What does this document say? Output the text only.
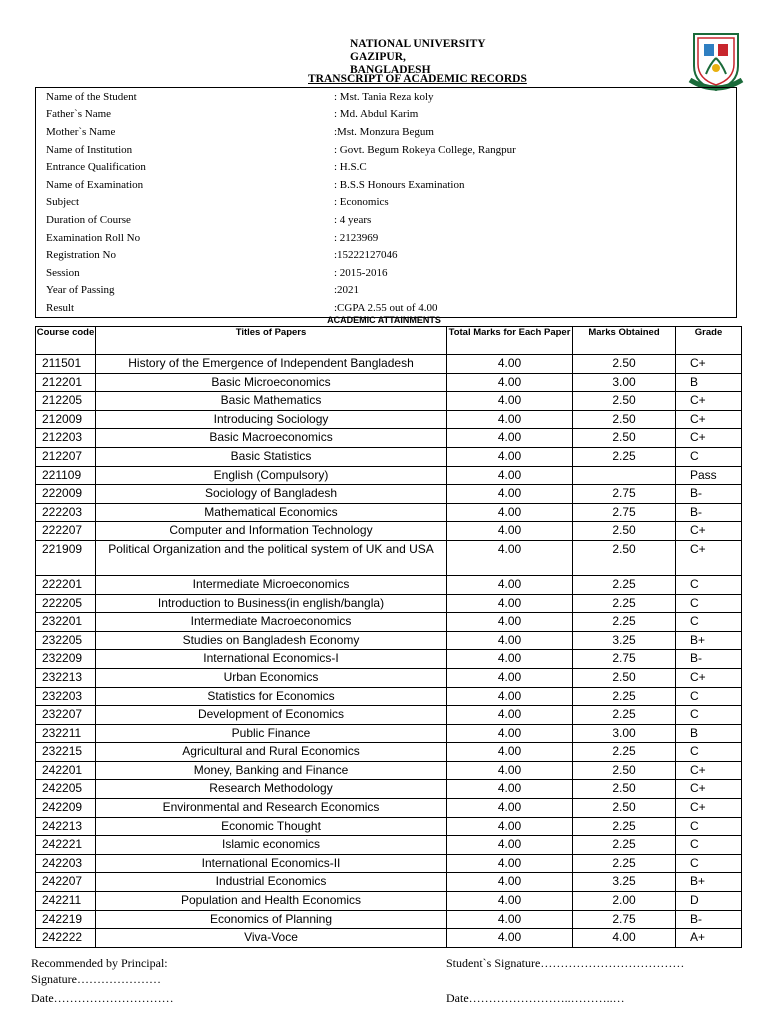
NATIONAL UNIVERSITY
GAZIPUR,
BANGLADESH
TRANSCRIPT OF ACADEMIC RECORDS
Name of the Student	: Mst. Tania Reza koly
Father`s Name	: Md. Abdul Karim
Mother`s Name	:Mst. Monzura Begum
Name of Institution	: Govt. Begum Rokeya College, Rangpur
Entrance Qualification	: H.S.C
Name of Examination	: B.S.S Honours Examination
Subject	: Economics
Duration of Course	: 4 years
Examination Roll No	: 2123969
Registration No	:15222127046
Session	: 2015-2016
Year of Passing	:2021
Result	:CGPA 2.55 out of 4.00
ACADEMIC ATTAINMENTS
Course code	Titles of Papers	Total Marks for Each Paper	Marks Obtained	Grade
211501	History of the Emergence of Independent Bangladesh	4.00	2.50	C+
212201	Basic Microeconomics	4.00	3.00	B
212205	Basic Mathematics	4.00	2.50	C+
212009	Introducing Sociology	4.00	2.50	C+
212203	Basic Macroeconomics	4.00	2.50	C+
212207	Basic Statistics	4.00	2.25	C
221109	English (Compulsory)	4.00		Pass
222009	Sociology of Bangladesh	4.00	2.75	B-
222203	Mathematical Economics	4.00	2.75	B-
222207	Computer and Information Technology	4.00	2.50	C+
221909	Political Organization and the political system of UK and USA	4.00	2.50	C+
222201	Intermediate Microeconomics	4.00	2.25	C
222205	Introduction to Business(in english/bangla)	4.00	2.25	C
232201	Intermediate Macroeconomics	4.00	2.25	C
232205	Studies on Bangladesh Economy	4.00	3.25	B+
232209	International Economics-I	4.00	2.75	B-
232213	Urban Economics	4.00	2.50	C+
232203	Statistics for Economics	4.00	2.25	C
232207	Development of Economics	4.00	2.25	C
232211	Public Finance	4.00	3.00	B
232215	Agricultural and Rural Economics	4.00	2.25	C
242201	Money, Banking and Finance	4.00	2.50	C+
242205	Research Methodology	4.00	2.50	C+
242209	Environmental and Research Economics	4.00	2.50	C+
242213	Economic Thought	4.00	2.25	C
242221	Islamic economics	4.00	2.25	C
242203	International Economics-II	4.00	2.25	C
242207	Industrial Economics	4.00	3.25	B+
242211	Population and Health Economics	4.00	2.00	D
242219	Economics of Planning	4.00	2.75	B-
242222	Viva-Voce	4.00	4.00	A+
Recommended by Principal:
Signature…………………
Date…………………………
Student`s Signature………………………………
Date……………………..………..…
